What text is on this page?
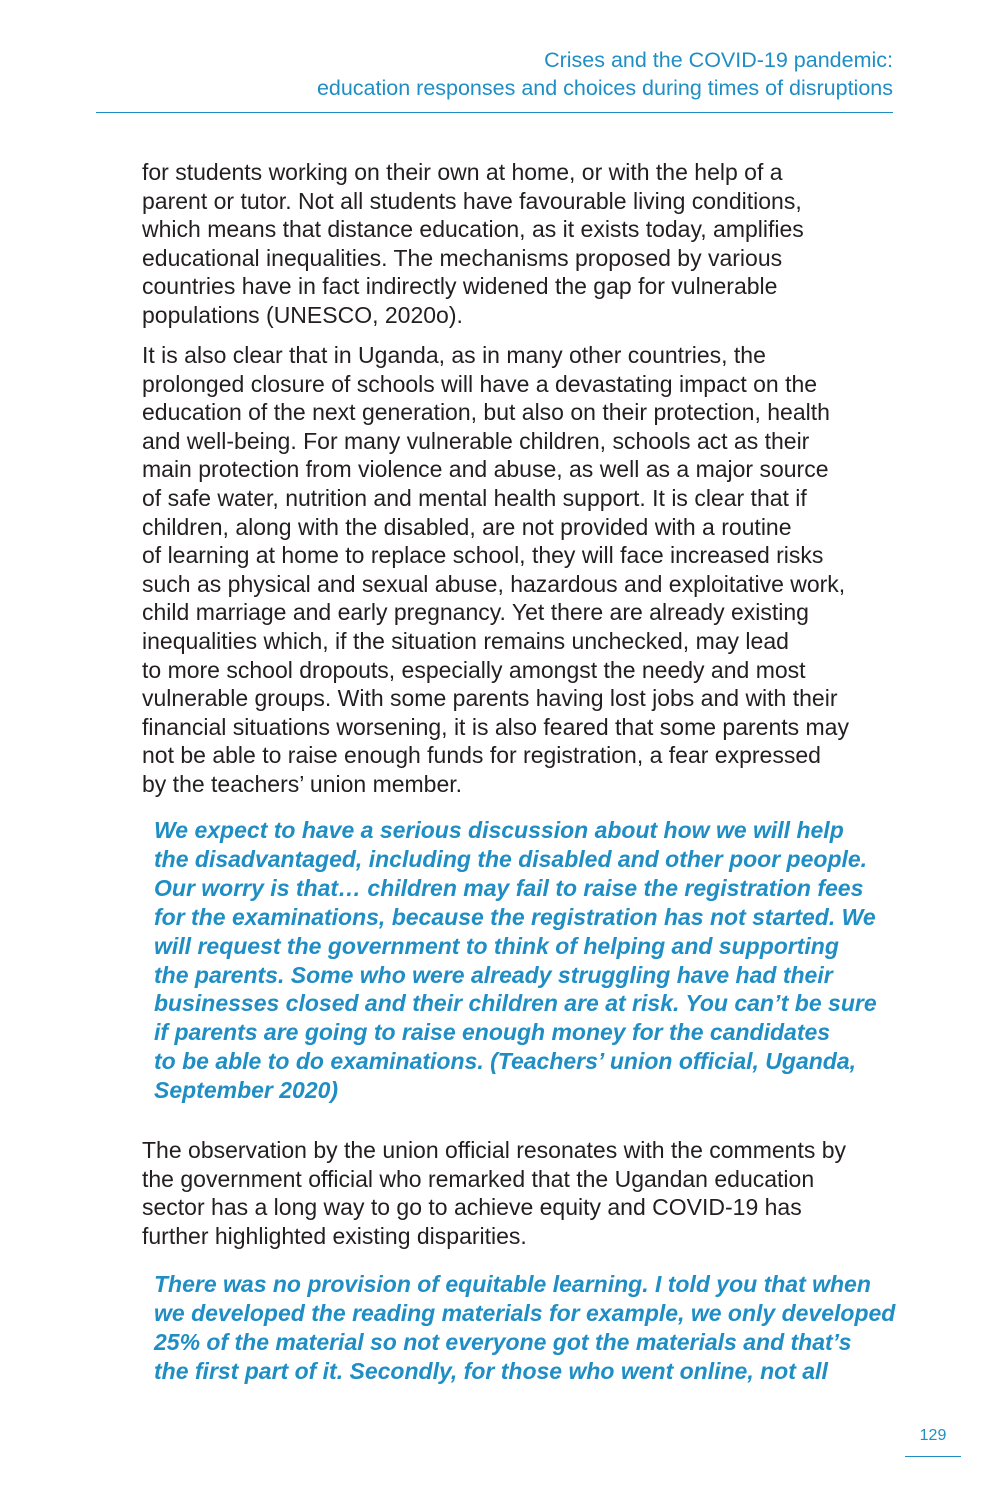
Crises and the COVID-19 pandemic:
education responses and choices during times of disruptions

for students working on their own at home, or with the help of a
parent or tutor. Not all students have favourable living conditions,
which means that distance education, as it exists today, amplifies
educational inequalities. The mechanisms proposed by various
countries have in fact indirectly widened the gap for vulnerable
populations (UNESCO, 2020o).

It is also clear that in Uganda, as in many other countries, the
prolonged closure of schools will have a devastating impact on the
education of the next generation, but also on their protection, health
and well-being. For many vulnerable children, schools act as their
main protection from violence and abuse, as well as a major source
of safe water, nutrition and mental health support. It is clear that if
children, along with the disabled, are not provided with a routine
of learning at home to replace school, they will face increased risks
such as physical and sexual abuse, hazardous and exploitative work,
child marriage and early pregnancy. Yet there are already existing
inequalities which, if the situation remains unchecked, may lead
to more school dropouts, especially amongst the needy and most
vulnerable groups. With some parents having lost jobs and with their
financial situations worsening, it is also feared that some parents may
not be able to raise enough funds for registration, a fear expressed
by the teachers’ union member.

We expect to have a serious discussion about how we will help
the disadvantaged, including the disabled and other poor people.
Our worry is that… children may fail to raise the registration fees
for the examinations, because the registration has not started. We
will request the government to think of helping and supporting
the parents. Some who were already struggling have had their
businesses closed and their children are at risk. You can’t be sure
if parents are going to raise enough money for the candidates
to be able to do examinations. (Teachers’ union official, Uganda,
September 2020)

The observation by the union official resonates with the comments by
the government official who remarked that the Ugandan education
sector has a long way to go to achieve equity and COVID-19 has
further highlighted existing disparities.

There was no provision of equitable learning. I told you that when
we developed the reading materials for example, we only developed
25% of the material so not everyone got the materials and that’s
the first part of it. Secondly, for those who went online, not all

129
